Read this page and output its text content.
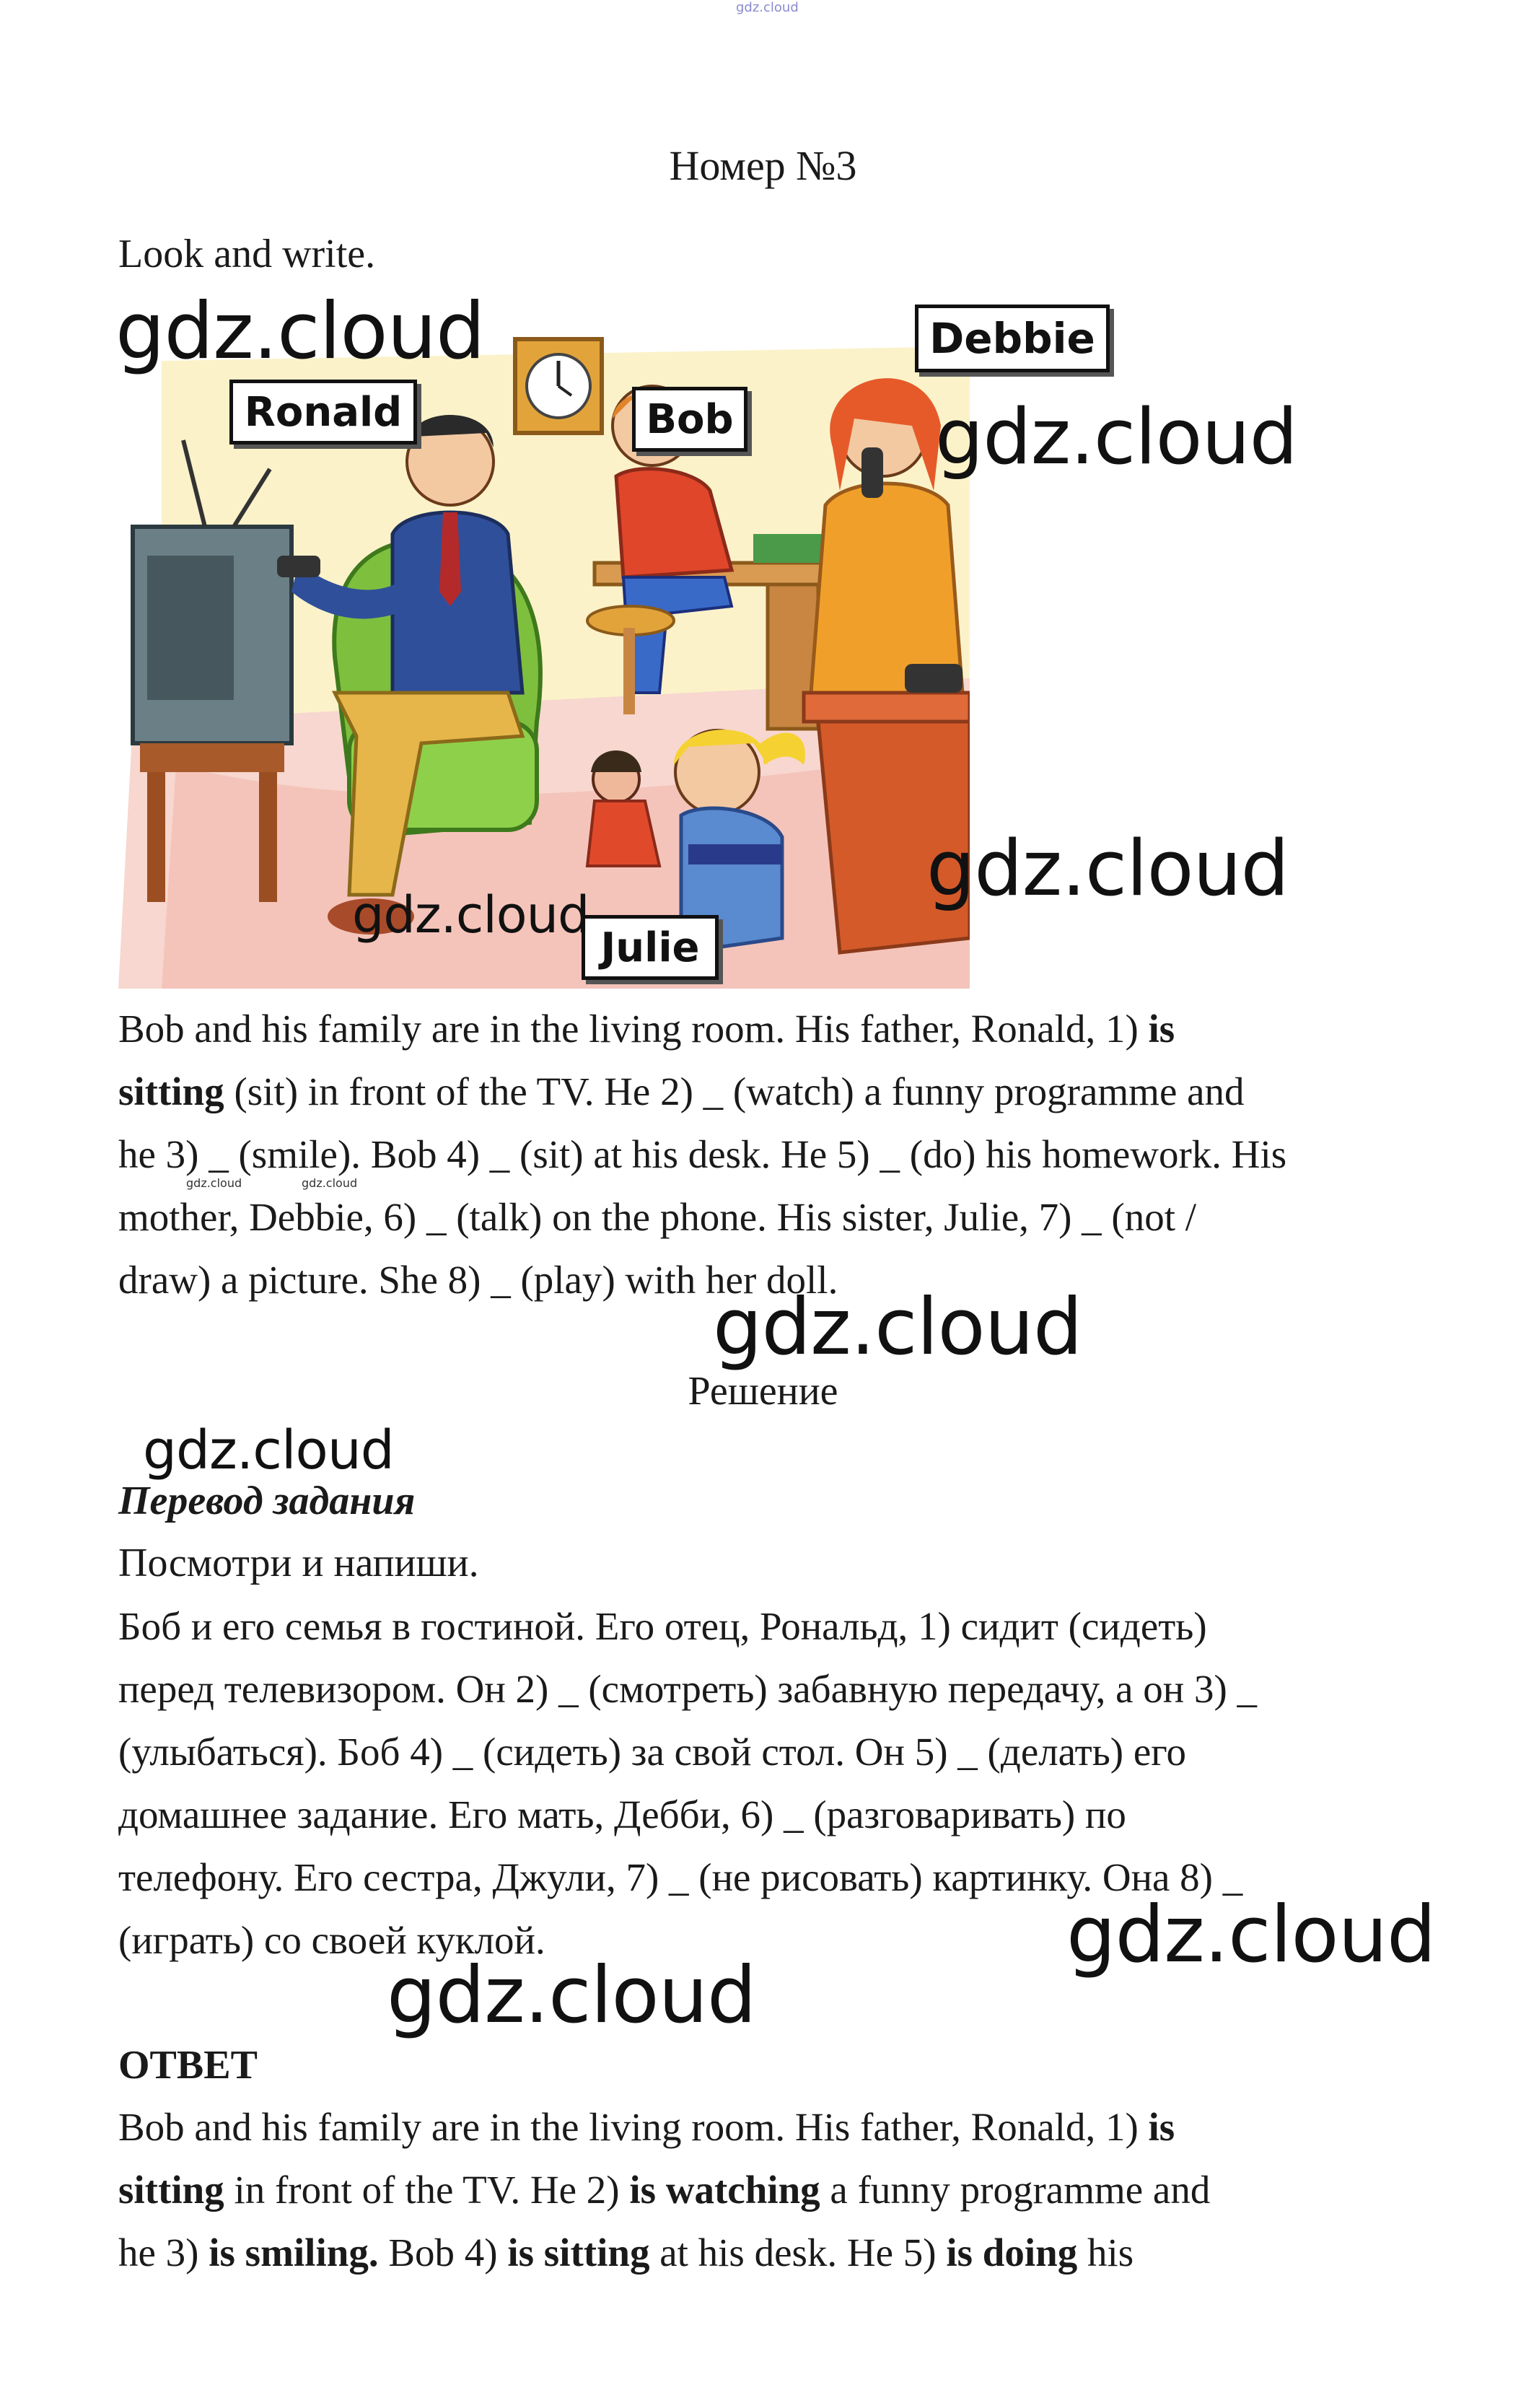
gdz.cloud
Номер №3
Look and write.
Ronald	Bob
Debbie
Julie
gdz.cloud
gdz.cloud
gdz.cloud
gdz.cloud
Bob and his family are in the living room. His father, Ronald, 1) is
sitting (sit) in front of the TV. He 2) _ (watch) a funny programme and
he 3) _ (smile). Bob 4) _ (sit) at his desk. He 5) _ (do) his homework. His
mother, Debbie, 6) _ (talk) on the phone. His sister, Julie, 7) _ (not /
draw) a picture. She 8) _ (play) with her doll.
gdz.cloud	gdz.cloud
gdz.cloud
Решение
gdz.cloud
Перевод задания
Посмотри и напиши.
Боб и его семья в гостиной. Его отец, Рональд, 1) сидит (сидеть)
перед телевизором. Он 2) _ (смотреть) забавную передачу, а он 3) _
(улыбаться). Боб 4) _ (сидеть) за свой стол. Он 5) _ (делать) его
домашнее задание. Его мать, Дебби, 6) _ (разговаривать) по
телефону. Его сестра, Джули, 7) _ (не рисовать) картинку. Она 8) _
(играть) со своей куклой.	gdz.cloud
gdz.cloud
ОТВЕТ
Bob and his family are in the living room. His father, Ronald, 1) is
sitting in front of the TV. He 2) is watching a funny programme and
he 3) is smiling. Bob 4) is sitting at his desk. He 5) is doing his
